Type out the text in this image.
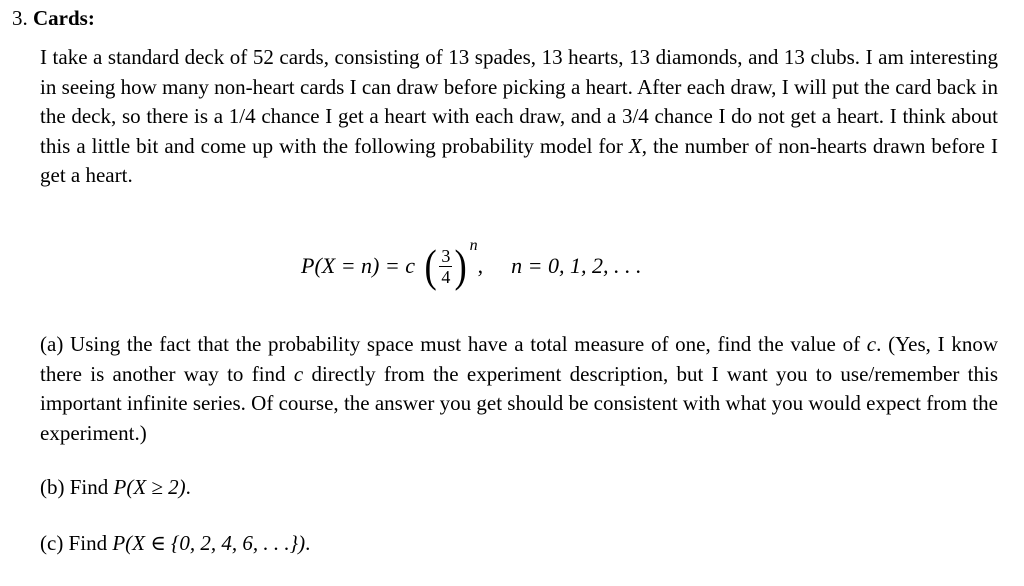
3. Cards:

I take a standard deck of 52 cards, consisting of 13 spades, 13 hearts, 13 diamonds, and 13 clubs. I am interesting in seeing how many non-heart cards I can draw before picking a heart. After each draw, I will put the card back in the deck, so there is a 1/4 chance I get a heart with each draw, and a 3/4 chance I do not get a heart. I think about this a little bit and come up with the following probability model for X, the number of non-hearts drawn before I get a heart.

P(X = n) = c ( $\frac{3}{4}$ ) n
, n = 0, 1, 2, . . .

(a) Using the fact that the probability space must have a total measure of one, find the value of c. (Yes, I know there is another way to find c directly from the experiment description, but I want you to use/remember this important infinite series. Of course, the answer you get should be consistent with what you would expect from the experiment.)

(b) Find P(X ≥ 2).

(c) Find P(X ∈ {0, 2, 4, 6, . . .}).
